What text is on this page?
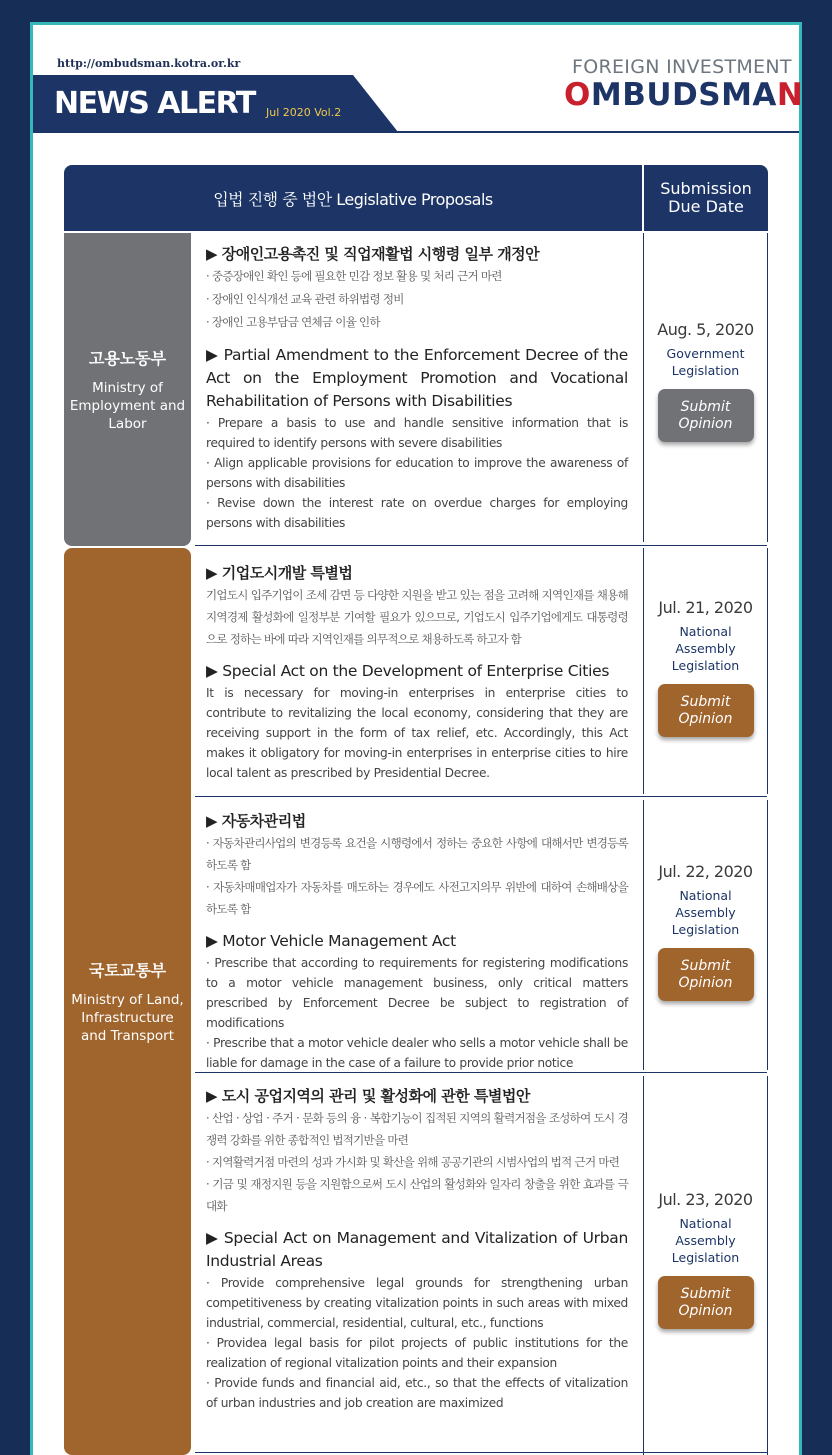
http://ombudsman.kotra.or.kr
NEWS ALERT Jul 2020 Vol.2
FOREIGN INVESTMENT
OMBUDSMAN
입법 진행 중 법안 Legislative Proposals
Submission
Due Date
고용노동부
Ministry of
Employment and
Labor
국토교통부
Ministry of Land,
Infrastructure
and Transport
▶ 장애인고용촉진 및 직업재활법 시행령 일부 개정안
· 중증장애인 확인 등에 필요한 민감 정보 활용 및 처리 근거 마련
· 장애인 인식개선 교육 관련 하위법령 정비
· 장애인 고용부담금 연체금 이율 인하
▶ Partial Amendment to the Enforcement Decree of the Act on the Employment Promotion and Vocational Rehabilitation of Persons with Disabilities
· Prepare a basis to use and handle sensitive information that is required to identify persons with severe disabilities
· Align applicable provisions for education to improve the awareness of persons with disabilities
· Revise down the interest rate on overdue charges for employing persons with disabilities
Aug. 5, 2020
Government
Legislation
Submit
Opinion
▶ 기업도시개발 특별법
기업도시 입주기업이 조세 감면 등 다양한 지원을 받고 있는 점을 고려해 지역인재를 채용해 지역경제 활성화에 일정부분 기여할 필요가 있으므로, 기업도시 입주기업에게도 대통령령으로 정하는 바에 따라 지역인재를 의무적으로 채용하도록 하고자 함
▶ Special Act on the Development of Enterprise Cities
It is necessary for moving-in enterprises in enterprise cities to contribute to revitalizing the local economy, considering that they are receiving support in the form of tax relief, etc. Accordingly, this Act makes it obligatory for moving-in enterprises in enterprise cities to hire local talent as prescribed by Presidential Decree.
Jul. 21, 2020
National
Assembly
Legislation
Submit
Opinion
▶ 자동차관리법
· 자동차관리사업의 변경등록 요건을 시행령에서 정하는 중요한 사항에 대해서만 변경등록 하도록 함
· 자동차매매업자가 자동차를 매도하는 경우에도 사전고지의무 위반에 대하여 손해배상을 하도록 함
▶ Motor Vehicle Management Act
· Prescribe that according to requirements for registering modifications to a motor vehicle management business, only critical matters prescribed by Enforcement Decree be subject to registration of modifications
· Prescribe that a motor vehicle dealer who sells a motor vehicle shall be liable for damage in the case of a failure to provide prior notice
Jul. 22, 2020
National
Assembly
Legislation
Submit
Opinion
▶ 도시 공업지역의 관리 및 활성화에 관한 특별법안
· 산업 · 상업 · 주거 · 문화 등의 융 · 복합기능이 집적된 지역의 활력거점을 조성하여 도시 경쟁력 강화를 위한 종합적인 법적기반을 마련
· 지역활력거점 마련의 성과 가시화 및 확산을 위해 공공기관의 시범사업의 법적 근거 마련
· 기금 및 재정지원 등을 지원함으로써 도시 산업의 활성화와 일자리 창출을 위한 효과를 극대화
▶ Special Act on Management and Vitalization of Urban Industrial Areas
· Provide comprehensive legal grounds for strengthening urban competitiveness by creating vitalization points in such areas with mixed industrial, commercial, residential, cultural, etc., functions
· Providea legal basis for pilot projects of public institutions for the realization of regional vitalization points and their expansion
· Provide funds and financial aid, etc., so that the effects of vitalization of urban industries and job creation are maximized
Jul. 23, 2020
National
Assembly
Legislation
Submit
Opinion
